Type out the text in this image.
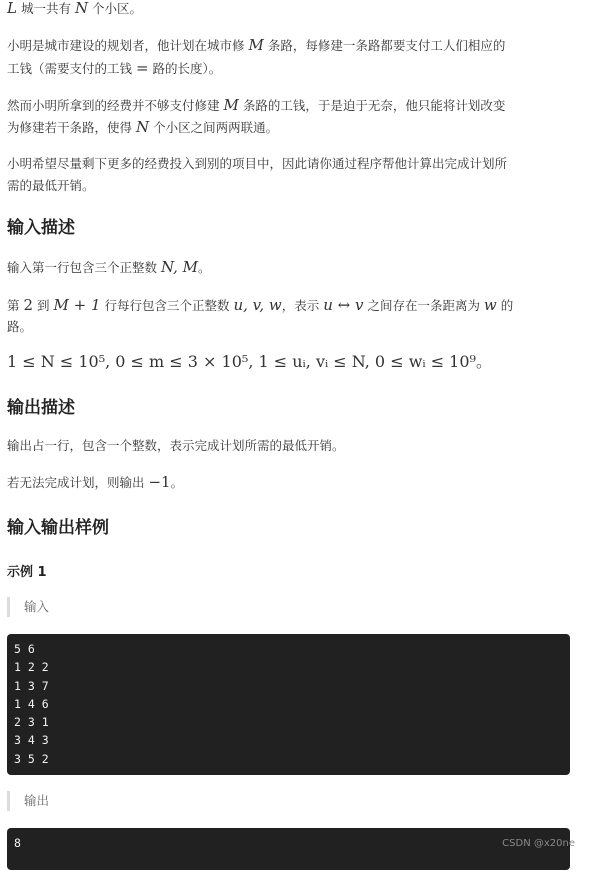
L 城一共有 N 个小区。

小明是城市建设的规划者，他计划在城市修 M 条路，每修建一条路都要支付工人们相应的

工钱（需要支付的工钱 = 路的长度）。

然而小明所拿到的经费并不够支付修建 M 条路的工钱，于是迫于无奈，他只能将计划改变

为修建若干条路，使得 N 个小区之间两两联通。

小明希望尽量剩下更多的经费投入到别的项目中，因此请你通过程序帮他计算出完成计划所

需的最低开销。

输入描述

输入第一行包含三个正整数 N, M。

第 2 到 M + 1 行每行包含三个正整数 u, v, w，表示 u ↔ v 之间存在一条距离为 w 的

路。

1 ≤ N ≤ 10⁵, 0 ≤ m ≤ 3 × 10⁵, 1 ≤ uᵢ, vᵢ ≤ N, 0 ≤ wᵢ ≤ 10⁹。

输出描述

输出占一行，包含一个整数，表示完成计划所需的最低开销。

若无法完成计划，则输出 −1。

输入输出样例
示例 1
输入
5 6
1 2 2
1 3 7
1 4 6
2 3 1
3 4 3
3 5 2
输出
8	CSDN @x20ne
